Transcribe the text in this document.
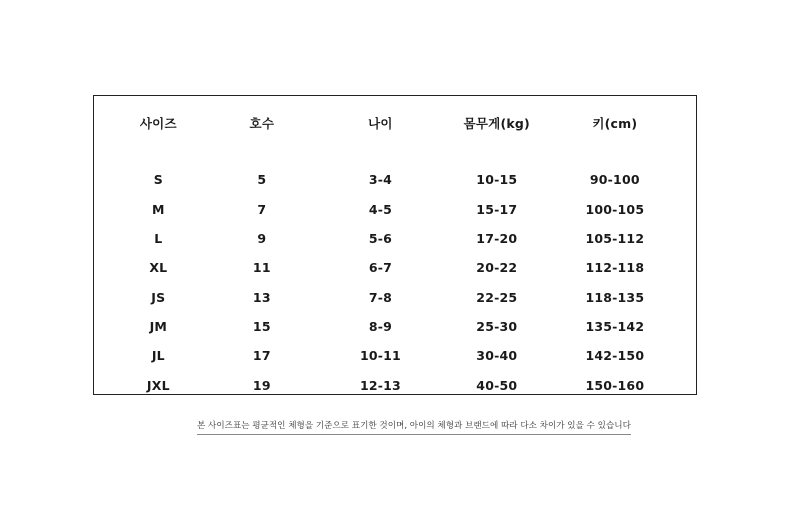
	사이즈	호수	나이	몸무게(kg)	키(cm)	

	S	5	3-4	10-15	90-100	
	M	7	4-5	15-17	100-105	
	L	9	5-6	17-20	105-112	
	XL	11	6-7	20-22	112-118	
	JS	13	7-8	22-25	118-135	
	JM	15	8-9	25-30	135-142	
	JL	17	10-11	30-40	142-150	
	JXL	19	12-13	40-50	150-160	
본 사이즈표는 평균적인 체형을 기준으로 표기한 것이며, 아이의 체형과 브랜드에 따라 다소 차이가 있을 수 있습니다
